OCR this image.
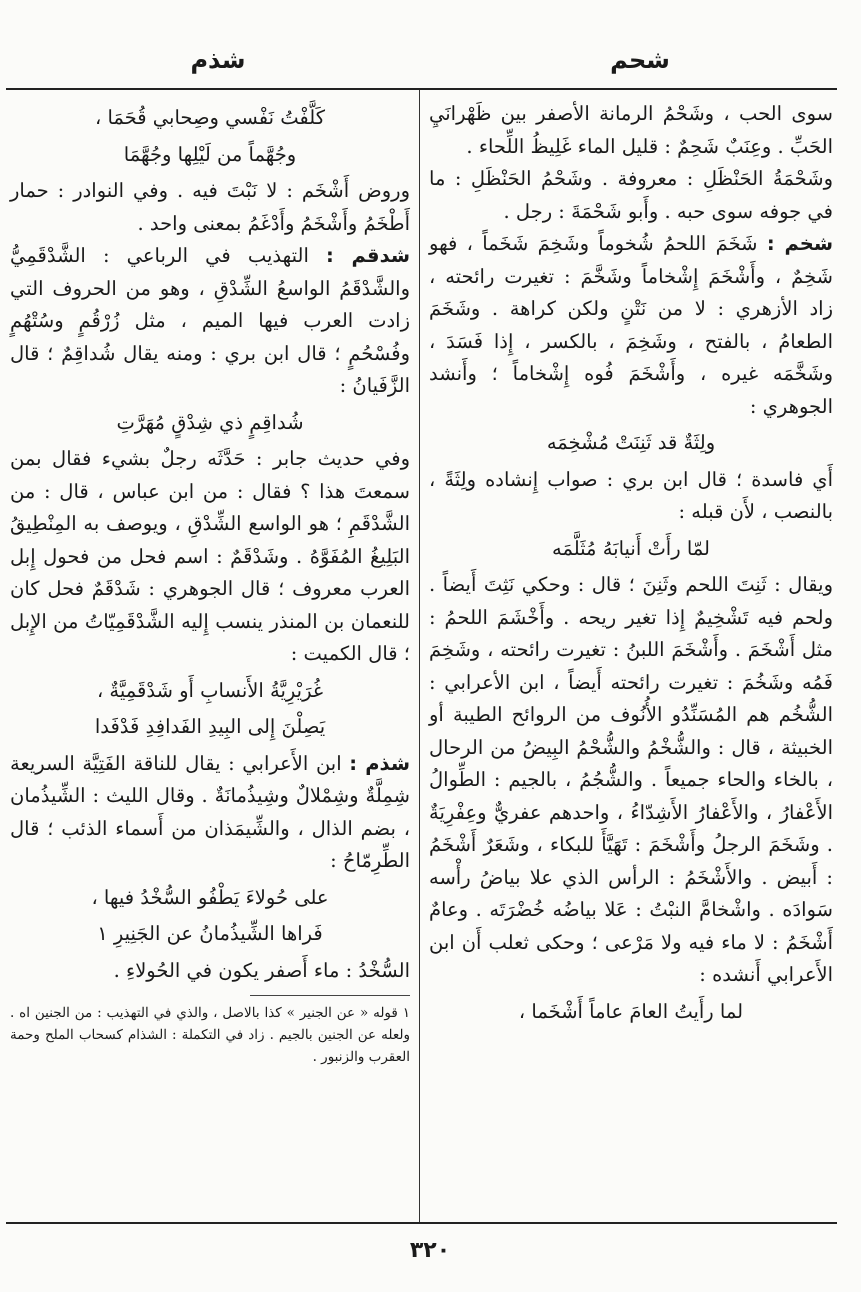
شحم
شذم

سوى الحب ، وشَحْمُ الرمانة الأصفر بين ظَهْرانَيِ الحَبِّ . وعِنَبٌ شَحِمٌ : قليل الماء غَلِيظُ اللِّحاء .

وشَحْمَةُ الحَنْظَلِ : معروفة . وشَحْمُ الحَنْظَلِ : ما في جوفه سوى حبه . وأَبو شَحْمَةَ : رجل .

شخم : شَخَمَ اللحمُ شُخوماً وشَخِمَ شَخَماً ، فهو شَخِمٌ ، وأَشْخَمَ إِشْخاماً وشَخَّمَ : تغيرت رائحته ، زاد الأزهري : لا من نَتْنٍ ولكن كراهة . وشَخَمَ الطعامُ ، بالفتح ، وشَخِمَ ، بالكسر ، إِذا فَسَدَ ، وشَخَّمَه غيره ، وأَشْخَمَ فُوه إِشْخاماً ؛ وأَنشد الجوهري :

ولِثَةٌ قد ثَنِنَتْ مُشْخِمَه

أَي فاسدة ؛ قال ابن بري : صواب إِنشاده ولِثَةً ، بالنصب ، لأَن قبله :

لمّا رأَتْ أَنيابَهُ مُثَلَّمَه

ويقال : ثَنِتَ اللحم وثَنِنَ ؛ قال : وحكي نَثِتَ أَيضاً . ولحم فيه تَشْخِيمٌ إِذا تغير ريحه . وأَخْشَمَ اللحمُ : مثل أَشْخَمَ . وأَشْخَمَ اللبنُ : تغيرت رائحته ، وشَخِمَ فَمُه وشَخُمَ : تغيرت رائحته أَيضاً ، ابن الأعرابي : الشُّخُم هم المُسَنِّدُو الأُنُوف من الروائح الطيبة أو الخبيثة ، قال : والشُّخْمُ والشُّحْمُ البِيضُ من الرحال ، بالخاء والحاء جميعاً . والشُّجُمُ ، بالجيم : الطِّوالُ الأَعْفارُ ، والأَعْفارُ الأَشِدّاءُ ، واحدهم عفريٌّ وعِفْرِيَةٌ . وشَخَمَ الرجلُ وأَشْخَمَ : تَهَيَّأَ للبكاء ، وشَعَرٌ أَشْخَمُ : أَبيض . والأَشْخَمُ : الرأس الذي علا بياضُ رأْسه سَوادَه . واشْخامَّ النبْتُ : عَلا بياضُه خُضْرَتَه . وعامٌ أَشْخَمُ : لا ماء فيه ولا مَرْعى ؛ وحكى ثعلب أَن ابن الأَعرابي أَنشده :

لما رأَيتُ العامَ عاماً أَشْخَما ،

كَلَّفْتُ نَفْسي وصِحابي قُحَمَا ،

وجُهَّماً من لَيْلِها وجُهَّمَا

وروض أَشْخَم : لا نَبْتَ فيه . وفي النوادر : حمار أَطْخَمُ وأَشْخَمُ وأَدْغَمُ بمعنى واحد .

شدقم : التهذيب في الرباعي : الشَّدْقَمِيُّ والشَّدْقَمُ الواسعُ الشِّدْقِ ، وهو من الحروف التي زادت العرب فيها الميم ، مثل زُرْقُمٍ وسُتْهُمٍ وفُسْحُمٍ ؛ قال ابن بري : ومنه يقال شُداقِمٌ ؛ قال الزَّفَيانُ :

شُداقِمٍ ذي شِدْقٍ مُهَرَّتِ

وفي حديث جابر : حَدَّثَه رجلٌ بشيء فقال بمن سمعتَ هذا ؟ فقال : من ابن عباس ، قال : من الشَّدْقَمِ ؛ هو الواسع الشِّدْقِ ، ويوصف به المِنْطِيقُ البَلِيغُ المُفَوَّهُ . وشَدْقَمٌ : اسم فحل من فحول إِبل العرب معروف ؛ قال الجوهري : شَدْقَمٌ فحل كان للنعمان بن المنذر ينسب إِليه الشَّدْقَمِيّاتُ من الإِبل ؛ قال الكميت :

غُرَيْرِيَّةُ الأَنسابِ أَو شَدْقَمِيَّةٌ ،

يَصِلْنَ إِلى البِيدِ الفَدافِدِ فَدْفَدا

شذم : ابن الأَعرابي : يقال للناقة الفَتِيَّة السريعة شِمِلَّةٌ وشِمْلالٌ وشِيذُمانَةٌ . وقال الليث : الشِّيذُمان ، بضم الذال ، والشِّيمَذان من أَسماء الذئب ؛ قال الطِّرِمّاحُ :

على حُولاءَ يَطْفُو السُّخْدُ فيها ،

فَراها الشِّيذُمانُ عن الجَنِيرِ ١

السُّخْدُ : ماء أَصفر يكون في الحُولاءِ .

١ قوله « عن الجنير » كذا بالاصل ، والذي في التهذيب : من الجنين اه . ولعله عن الجنين بالجيم . زاد في التكملة : الشذام كسحاب الملح وحمة العقرب والزنبور .

٣٢٠
